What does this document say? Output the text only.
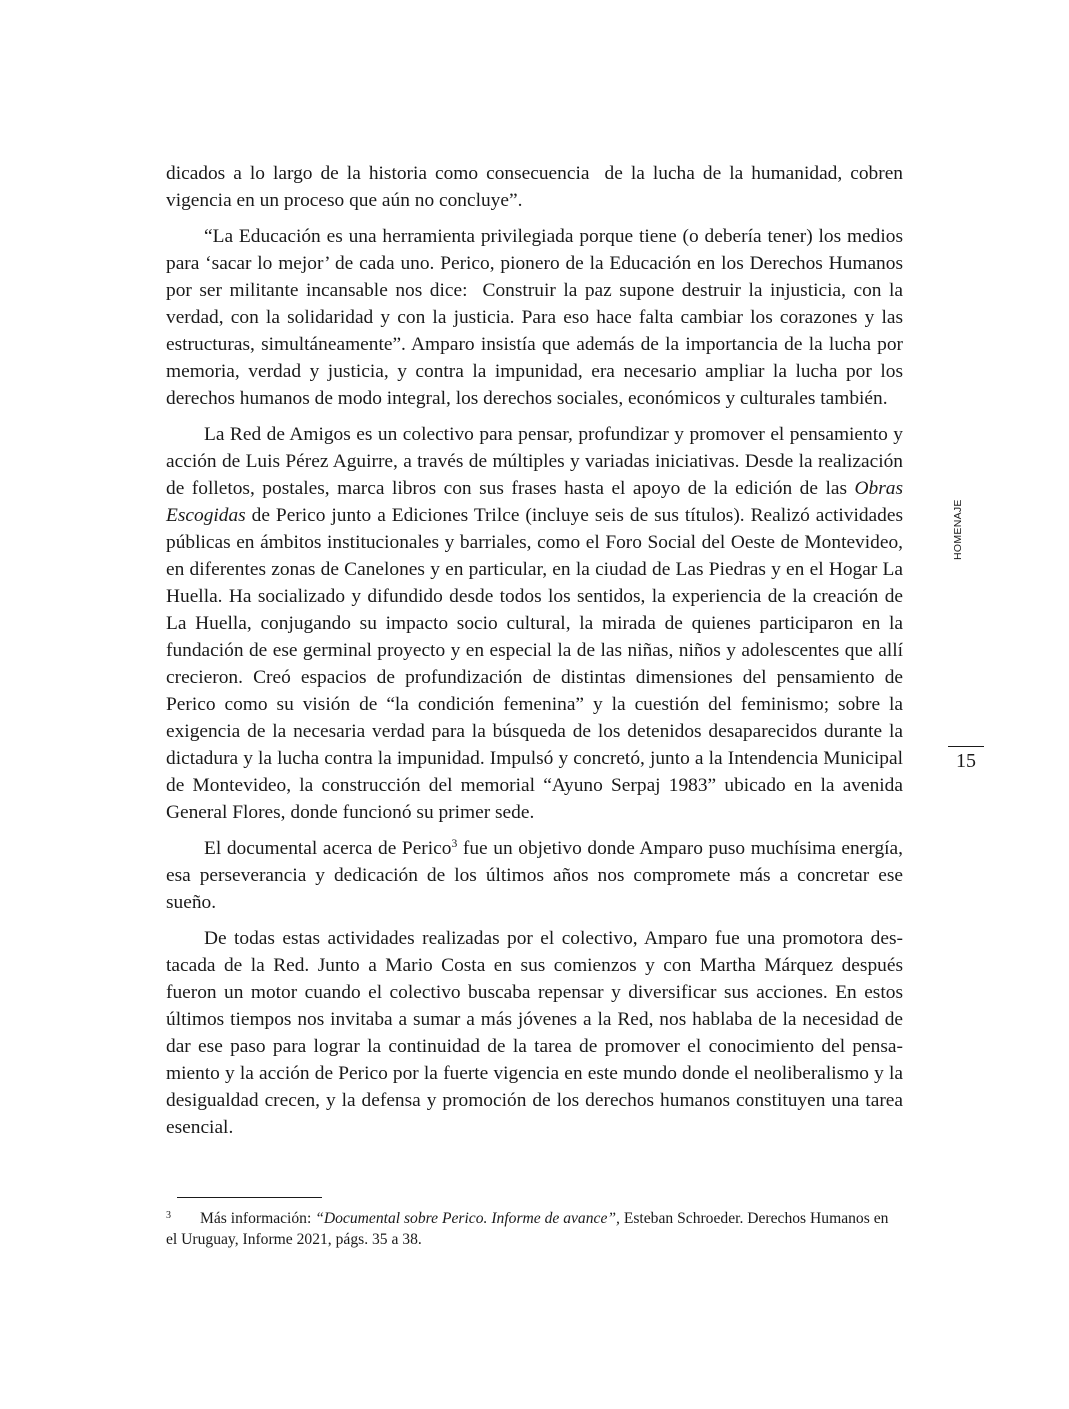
dicados a lo largo de la historia como consecuencia de la lucha de la humanidad, cobren vigencia en un proceso que aún no concluye”.

“La Educación es una herramienta privilegiada porque tiene (o debería tener) los medios para ‘sacar lo mejor’ de cada uno. Perico, pionero de la Educación en los Derechos Humanos por ser militante incansable nos dice: Construir la paz supone destruir la injusticia, con la verdad, con la solidaridad y con la justicia. Para eso hace falta cambiar los corazones y las estructuras, simultáneamente”. Amparo insistía que además de la importancia de la lucha por memoria, verdad y justicia, y contra la impunidad, era necesario ampliar la lucha por los derechos humanos de modo integral, los derechos sociales, económicos y culturales también.

La Red de Amigos es un colectivo para pensar, profundizar y promover el pensamiento y acción de Luis Pérez Aguirre, a través de múltiples y variadas iniciativas. Desde la realización de folletos, postales, marca libros con sus frases hasta el apoyo de la edición de las Obras Escogidas de Perico junto a Ediciones Trilce (incluye seis de sus títulos). Realizó actividades públicas en ámbitos institucionales y barriales, como el Foro Social del Oeste de Montevideo, en diferentes zonas de Canelones y en particular, en la ciudad de Las Piedras y en el Hogar La Huella. Ha socializado y difundido desde todos los sentidos, la experiencia de la creación de La Huella, conjugando su impacto socio cultural, la mirada de quienes participaron en la fundación de ese germinal proyecto y en especial la de las niñas, niños y adolescentes que allí crecieron. Creó espacios de profundización de distintas dimensiones del pensamiento de Perico como su visión de “la condición femenina” y la cuestión del feminismo; sobre la exigencia de la necesaria verdad para la búsqueda de los detenidos desaparecidos durante la dictadura y la lucha contra la impunidad. Impulsó y concretó, junto a la Intendencia Municipal de Montevideo, la construcción del memorial “Ayuno Serpaj 1983” ubicado en la avenida General Flores, donde funcionó su primer sede.

El documental acerca de Perico$^3$ fue un objetivo donde Amparo puso muchísima energía, esa perseverancia y dedicación de los últimos años nos compromete más a concretar ese sueño.

De todas estas actividades realizadas por el colectivo, Amparo fue una promotora destacada de la Red. Junto a Mario Costa en sus comienzos y con Martha Márquez después fueron un motor cuando el colectivo buscaba repensar y diversificar sus acciones. En estos últimos tiempos nos invitaba a sumar a más jóvenes a la Red, nos hablaba de la necesidad de dar ese paso para lograr la continuidad de la tarea de promover el conocimiento del pensamiento y la acción de Perico por la fuerte vigencia en este mundo donde el neoliberalismo y la desigualdad crecen, y la defensa y promoción de los derechos humanos constituyen una tarea esencial.

HOMENAJE
15
3 Más información: “Documental sobre Perico. Informe de avance”, Esteban Schroeder. Derechos Humanos en el Uruguay, Informe 2021, págs. 35 a 38.
